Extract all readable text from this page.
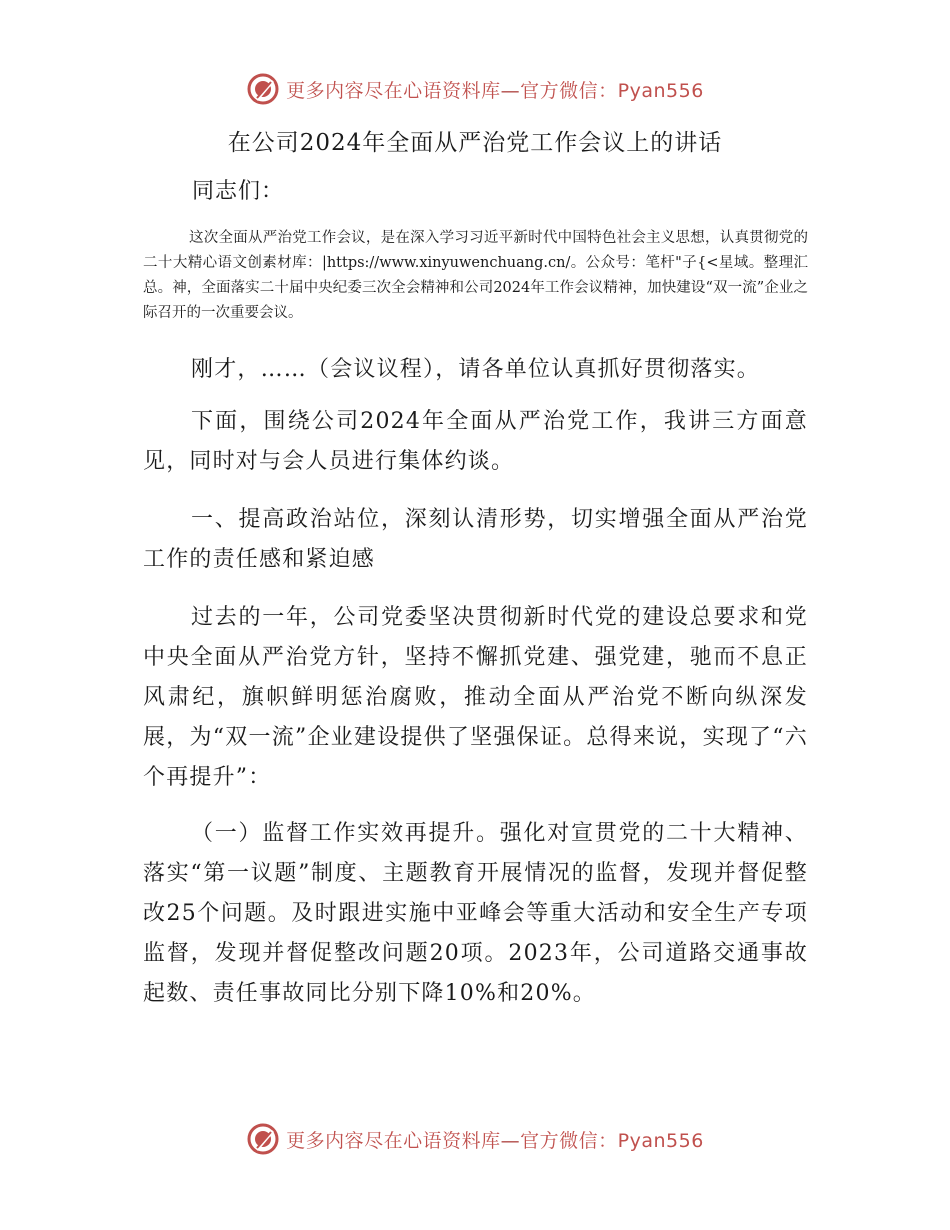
更多内容尽在心语资料库—官方微信：Pyan556
在公司2024年全面从严治党工作会议上的讲话
同志们：
这次全面从严治党工作会议，是在深入学习习近平新时代中国特色社会主义思想，认真贯彻党的二十大精心语文创素材库：|https://www.xinyuwenchuang.cn/。公众号：笔杆"子{<星域。整理汇总。神，全面落实二十届中央纪委三次全会精神和公司2024年工作会议精神，加快建设“双一流”企业之际召开的一次重要会议。
刚才，……（会议议程），请各单位认真抓好贯彻落实。
下面，围绕公司2024年全面从严治党工作，我讲三方面意见，同时对与会人员进行集体约谈。
一、提高政治站位，深刻认清形势，切实增强全面从严治党工作的责任感和紧迫感
过去的一年，公司党委坚决贯彻新时代党的建设总要求和党中央全面从严治党方针，坚持不懈抓党建、强党建，驰而不息正风肃纪，旗帜鲜明惩治腐败，推动全面从严治党不断向纵深发展，为“双一流”企业建设提供了坚强保证。总得来说，实现了“六个再提升”：
（一）监督工作实效再提升。强化对宣贯党的二十大精神、落实“第一议题”制度、主题教育开展情况的监督，发现并督促整改25个问题。及时跟进实施中亚峰会等重大活动和安全生产专项监督，发现并督促整改问题20项。2023年，公司道路交通事故起数、责任事故同比分别下降10%和20%。
更多内容尽在心语资料库—官方微信：Pyan556
